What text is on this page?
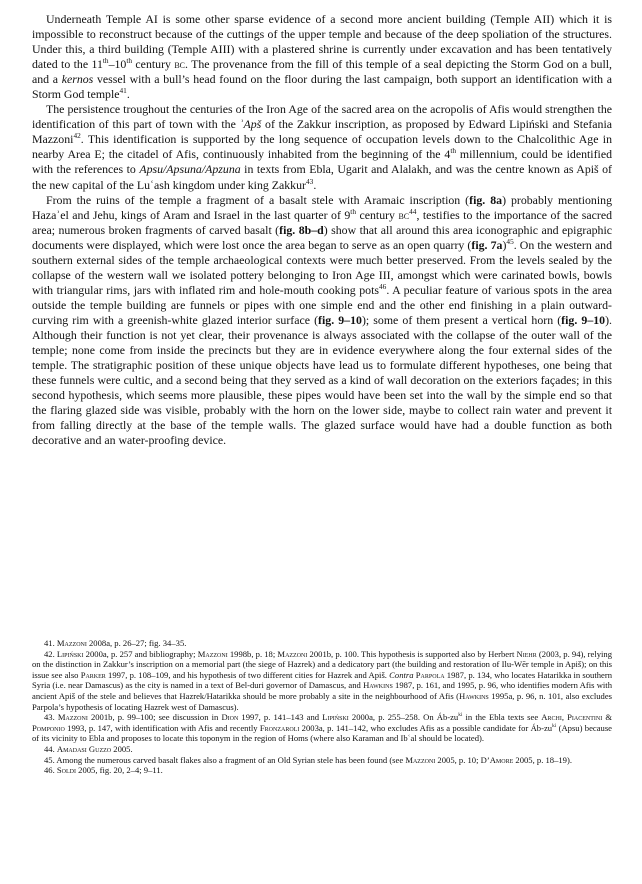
Underneath Temple AI is some other sparse evidence of a second more ancient building (Temple AII) which it is impossible to reconstruct because of the cuttings of the upper temple and because of the deep spoliation of the structures. Under this, a third building (Temple AIII) with a plastered shrine is currently under excavation and has been tentatively dated to the 11th–10th century bc. The provenance from the fill of this temple of a seal depicting the Storm God on a bull, and a kernos vessel with a bull’s head found on the floor during the last campaign, both support an identification with a Storm God temple$^{41}$.

The persistence troughout the centuries of the Iron Age of the sacred area on the acropolis of Afis would strengthen the identification of this part of town with the ʾApš of the Zakkur inscription, as proposed by Edward Lipiński and Stefania Mazzoni$^{42}$. This identification is supported by the long sequence of occupation levels down to the Chalcolithic Age in nearby Area E; the citadel of Afis, continuously inhabited from the beginning of the 4th millennium, could be identified with the references to Apsu/Apsuna/Apzuna in texts from Ebla, Ugarit and Alalakh, and was the centre known as Apiš of the new capital of the Luʿash kingdom under king Zakkur$^{43}$.

From the ruins of the temple a fragment of a basalt stele with Aramaic inscription (fig. 8a) probably mentioning Hazaʾel and Jehu, kings of Aram and Israel in the last quarter of 9th century $bc^{44}$, testifies to the importance of the sacred area; numerous broken fragments of carved basalt (fig. 8b–d) show that all around this area iconographic and epigraphic documents were displayed, which were lost once the area began to serve as an open quarry (fig. 7a)$^{45}$. On the western and southern external sides of the temple archaeological contexts were much better preserved. From the levels sealed by the collapse of the western wall we isolated pottery belonging to Iron Age III, amongst which were carinated bowls, bowls with triangular rims, jars with inflated rim and hole-mouth cooking pots$^{46}$. A peculiar feature of various spots in the area outside the temple building are funnels or pipes with one simple end and the other end finishing in a plain outward-curving rim with a greenish-white glazed interior surface (fig. 9–10); some of them present a vertical horn (fig. 9–10). Although their function is not yet clear, their provenance is always associated with the collapse of the outer wall of the temple; none come from inside the precincts but they are in evidence everywhere along the four external sides of the temple. The stratigraphic position of these unique objects have lead us to formulate different hypotheses, one being that these funnels were cultic, and a second being that they served as a kind of wall decoration on the exteriors façades; in this second hypothesis, which seems more plausible, these pipes would have been set into the wall by the simple end so that the flaring glazed side was visible, probably with the horn on the lower side, maybe to collect rain water and prevent it from falling directly at the base of the temple walls. The glazed surface would have had a double function as both decorative and an water-proofing device.

41. Mazzoni 2008a, p. 26–27; fig. 34–35.

42. Lipiński 2000a, p. 257 and bibliography; Mazzoni 1998b, p. 18; Mazzoni 2001b, p. 100. This hypothesis is supported also by Herbert Niehr (2003, p. 94), relying on the distinction in Zakkur’s inscription on a memorial part (the siege of Hazrek) and a dedicatory part (the building and restoration of Ilu-Wēr temple in Apiš); on this issue see also Parker 1997, p. 108–109, and his hypothesis of two different cities for Hazrek and Apiš. Contra Parpola 1987, p. 134, who locates Hatarikka in southern Syria (i.e. near Damascus) as the city is named in a text of Bel-duri governor of Damascus, and Hawkins 1987, p. 161, and 1995, p. 96, who identifies modern Afis with ancient Apiš of the stele and believes that Hazrek/Hatarikka should be more probably a site in the neighbourhood of Afis (Hawkins 1995a, p. 96, n. 101, also excludes Parpola’s hypothesis of locating Hazrek west of Damascus).

43. Mazzoni 2001b, p. 99–100; see discussion in Dion 1997, p. 141–143 and Lipiński 2000a, p. 255–258. On $Áb-zu^{ki}$ in the Ebla texts see Archi, Piacentini & Pomponio 1993, p. 147, with identification with Afis and recently Fronzaroli 2003a, p. 141–142, who excludes Afis as a possible candidate for $Áb-zu^{ki}$ (Apsu) because of its vicinity to Ebla and proposes to locate this toponym in the region of Homs (where also Karaman and Ibʿal should be located).

44. Amadasi Guzzo 2005.

45. Among the numerous carved basalt flakes also a fragment of an Old Syrian stele has been found (see Mazzoni 2005, p. 10; D’Amore 2005, p. 18–19).

46. Soldi 2005, fig. 20, 2–4; 9–11.
